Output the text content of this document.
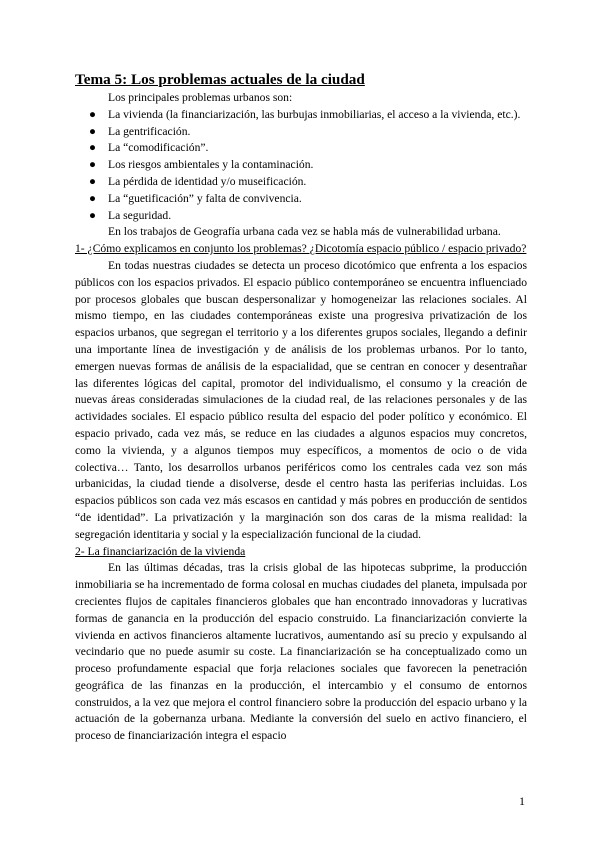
Tema 5: Los problemas actuales de la ciudad

Los principales problemas urbanos son:

● La vivienda (la financiarización, las burbujas inmobiliarias, el acceso a la vivienda, etc.).
● La gentrificación.
● La “comodificación”.
● Los riesgos ambientales y la contaminación.
● La pérdida de identidad y/o museificación.
● La “guetificación” y falta de convivencia.
● La seguridad.

En los trabajos de Geografía urbana cada vez se habla más de vulnerabilidad urbana.

1- ¿Cómo explicamos en conjunto los problemas? ¿Dicotomía espacio público / espacio privado?

En todas nuestras ciudades se detecta un proceso dicotómico que enfrenta a los espacios públicos con los espacios privados. El espacio público contemporáneo se encuentra influenciado por procesos globales que buscan despersonalizar y homogeneizar las relaciones sociales. Al mismo tiempo, en las ciudades contemporáneas existe una progresiva privatización de los espacios urbanos, que segregan el territorio y a los diferentes grupos sociales, llegando a definir una importante línea de investigación y de análisis de los problemas urbanos. Por lo tanto, emergen nuevas formas de análisis de la espacialidad, que se centran en conocer y desentrañar las diferentes lógicas del capital, promotor del individualismo, el consumo y la creación de nuevas áreas consideradas simulaciones de la ciudad real, de las relaciones personales y de las actividades sociales. El espacio público resulta del espacio del poder político y económico. El espacio privado, cada vez más, se reduce en las ciudades a algunos espacios muy concretos, como la vivienda, y a algunos tiempos muy específicos, a momentos de ocio o de vida colectiva… Tanto, los desarrollos urbanos periféricos como los centrales cada vez son más urbanicidas, la ciudad tiende a disolverse, desde el centro hasta las periferias incluidas. Los espacios públicos son cada vez más escasos en cantidad y más pobres en producción de sentidos “de identidad”. La privatización y la marginación son dos caras de la misma realidad: la segregación identitaria y social y la especialización funcional de la ciudad.

2- La financiarización de la vivienda

En las últimas décadas, tras la crisis global de las hipotecas subprime, la producción inmobiliaria se ha incrementado de forma colosal en muchas ciudades del planeta, impulsada por crecientes flujos de capitales financieros globales que han encontrado innovadoras y lucrativas formas de ganancia en la producción del espacio construido. La financiarización convierte la vivienda en activos financieros altamente lucrativos, aumentando así su precio y expulsando al vecindario que no puede asumir su coste. La financiarización se ha conceptualizado como un proceso profundamente espacial que forja relaciones sociales que favorecen la penetración geográfica de las finanzas en la producción, el intercambio y el consumo de entornos construidos, a la vez que mejora el control financiero sobre la producción del espacio urbano y la actuación de la gobernanza urbana. Mediante la conversión del suelo en activo financiero, el proceso de financiarización integra el espacio

1
